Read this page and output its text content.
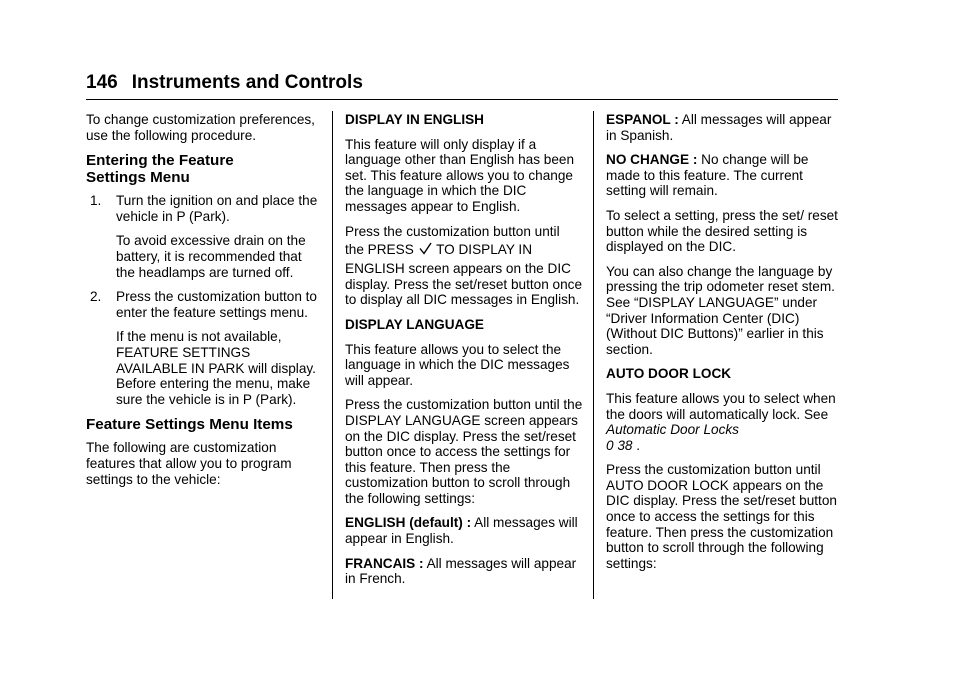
146 Instruments and Controls

To change customization preferences, use the following procedure.

Entering the Feature
Settings Menu
1. Turn the ignition on and place the vehicle in P (Park).
To avoid excessive drain on the battery, it is recommended that the headlamps are turned off.
2. Press the customization button to enter the feature settings menu.
If the menu is not available, FEATURE SETTINGS AVAILABLE IN PARK will display. Before entering the menu, make sure the vehicle is in P (Park).
Feature Settings Menu Items

The following are customization features that allow you to program settings to the vehicle:

DISPLAY IN ENGLISH

This feature will only display if a language other than English has been set. This feature allows you to change the language in which the DIC messages appear to English.

Press the customization button until

the PRESS  TO DISPLAY IN

ENGLISH screen appears on the DIC display. Press the set/reset button once to display all DIC messages in English.

DISPLAY LANGUAGE

This feature allows you to select the language in which the DIC messages will appear.

Press the customization button until the DISPLAY LANGUAGE screen appears on the DIC display. Press the set/reset button once to access the settings for this feature. Then press the customization button to scroll through the following settings:

ENGLISH (default) : All messages will appear in English.

FRANCAIS : All messages will appear in French.

ESPANOL : All messages will appear in Spanish.

NO CHANGE : No change will be made to this feature. The current setting will remain.

To select a setting, press the set/ reset button while the desired setting is displayed on the DIC.

You can also change the language by pressing the trip odometer reset stem. See “DISPLAY LANGUAGE” under “Driver Information Center (DIC) (Without DIC Buttons)” earlier in this section.

AUTO DOOR LOCK

This feature allows you to select when the doors will automatically lock. See Automatic Door Locks
0 38 .

Press the customization button until AUTO DOOR LOCK appears on the DIC display. Press the set/reset button once to access the settings for this feature. Then press the customization button to scroll through the following settings:
